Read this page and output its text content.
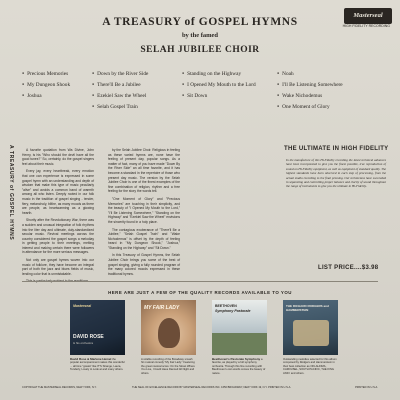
Masterseal
HIGH FIDELITY RECORDING
A TREASURY of GOSPEL HYMNS
by the famed
SELAH JUBILEE CHOIR
● Precious Memories
● My Dungeon Shook
● Joshua
● Down by the River Side
● There'll Be a Jubilee
● Ezekiel Saw the Wheel
● Selah Gospel Train
● Standing on the Highway
● I Opened My Mouth to the Lord
● Sit Down
● Noah
● I'll Be Listening Somewhere
● Wake Nichodemus
● One Moment of Glory
A TREASURY of GOSPEL HYMNS	A favorite quotation from Wa Divine, John Henry, is his "Who should the devil have all the good tunes?" So, certainly, do the gospel singers feel about their music.

Every jay, every heartbreak, every emotion that one can experience is expressed in some gospel hymn with an understanding and depth of wisdom that make this type of music peculiarly "alive" and avoids a common band of warmth among all who listen. Deeply rooted in our folk music in the tradition of gospel singing - tender, fiery, melancholy, blithe, as many moods as there are people, as heartwarming as a glowing hearth.

Shortly after the Revolutionary War, there was a sudden and unusual integration of folk rhythms into the liter day and ultimate, duly-standardized secular music. Revival meetings across the country considered the gospel songs a melodiay in getting people to their meetings, melting interest and making certain there were followers in attendance for the more serious messages.

Not only are gospel hymns woven into our music of folklore, they have become an integral part of both the jazz and blues fields of music, lending color that is unmistakable.

This is particularly evident in the renditions

by the Selah Jubilee Choir. Religious in feeling as these varied hymns are, none have the feeling of present day, popular songs. As a matter of fact, many of you have made "Down By the River Side" an all time favorite, and it has become a standard in the repertoire of those who present day music. The version by the Selah Jubilee Choir is one of the finest examples of the fine combination of religion, rhythm and a free feeling for the story the words tell.

"One Moment of Glory" and "Precious Memories" are touching in their simplicity, and the beauty of "I Opened My Mouth to the Lord," "I'll Be Listening Somewhere," "Standing on the Highway" and "Ezekiel Saw the Wheel" envisions the sincerity found in a holy place.

The contagious exuberance of "There'll Be a Jubilee," "Selah Gospel Train" and "Wake Nichodemus" is offset by the depth of feeling heard in "My Dungeon Shook," "Joshua," "Standing on the Highway" and "Sit Down."

In this Treasury of Gospel Hymns, the Selah Jubilee Choir brings you some of the best of gospel singing, giving a fully rounded program of the many colored moods expressed in these traditional hymns.

THE ULTIMATE IN HIGH FIDELITY
In the manufacture of this Hi-Fidelity recording the latest technical advances have been incorporated to give you the finest possible, true reproduction of sound on Hi-Fidelity equipment, as well as equipment of standard quality. The highest standards have been observed in each step of processing, from the actual studio recording to the final pressing. Our technicians have succeeded in separating and controlling proper balance and clarity of sound throughout the range of instruments to give you the ultimate in Hi-Fidelity.
LIST PRICE....$3.98
HERE ARE JUST A FEW OF THE QUALITY RECORDS AVAILABLE TO YOU
Masterseal
DAVID ROSE
& his orchestra
David Rose & Marlene Hemel the popular accompaniment makes this wonderful ... all time "greats" like IT'S Strange, Laura, Tenderly, Lovely to Look at and many others.
MY FAIR LADY
A sizable recording of the Broadway smash hit musical comedy "My Fair Lady." Featuring the great musical score: On the Street Where You Live, I Could Have Danced All Night and others.
BEETHOVEN
Symphony Pastorale
Beethoven's Pastorale Symphony a favorite, as played by a full symphony orchestra. Through this fine recording with Beethoven's own words comes the beauty of nature.
THE RICHARD RODGERS and HAMMERSTEIN
Outstanding melodies selected for this album composed by Rodgers and Hammerstein in their best collection as OKLAHOMA, CAROUSEL, SOUTH PACIFIC, THE KING AND I and others.
COPYRIGHT THE MASTERSEAL RECORDS, NEW YORK, N.Y.	THE SEAL OF EXCELLENCE RECORD BY MASTERSEAL RECORDS INC. 1650 BROADWAY, NEW YORK 19, N.Y. PRINTED IN U.S.A.	PRINTED IN U.S.A.
